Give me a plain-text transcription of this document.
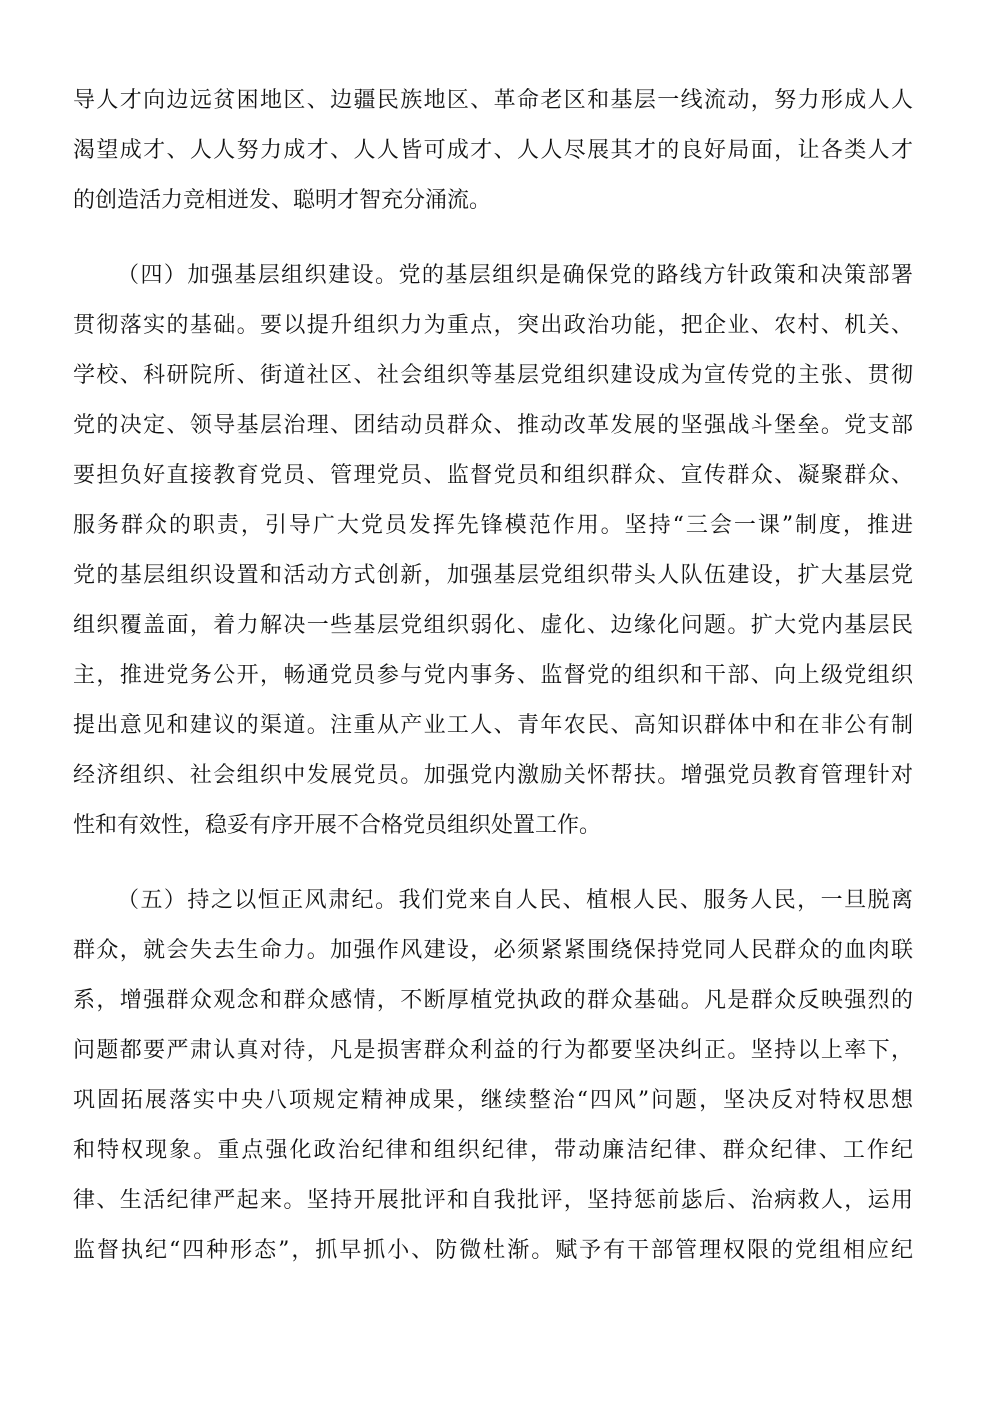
导人才向边远贫困地区、边疆民族地区、革命老区和基层一线流动，努力形成人人
渴望成才、人人努力成才、人人皆可成才、人人尽展其才的良好局面，让各类人才
的创造活力竞相迸发、聪明才智充分涌流。
（四）加强基层组织建设。党的基层组织是确保党的路线方针政策和决策部署
贯彻落实的基础。要以提升组织力为重点，突出政治功能，把企业、农村、机关、
学校、科研院所、街道社区、社会组织等基层党组织建设成为宣传党的主张、贯彻
党的决定、领导基层治理、团结动员群众、推动改革发展的坚强战斗堡垒。党支部
要担负好直接教育党员、管理党员、监督党员和组织群众、宣传群众、凝聚群众、
服务群众的职责，引导广大党员发挥先锋模范作用。坚持“三会一课”制度，推进
党的基层组织设置和活动方式创新，加强基层党组织带头人队伍建设，扩大基层党
组织覆盖面，着力解决一些基层党组织弱化、虚化、边缘化问题。扩大党内基层民
主，推进党务公开，畅通党员参与党内事务、监督党的组织和干部、向上级党组织
提出意见和建议的渠道。注重从产业工人、青年农民、高知识群体中和在非公有制
经济组织、社会组织中发展党员。加强党内激励关怀帮扶。增强党员教育管理针对
性和有效性，稳妥有序开展不合格党员组织处置工作。
（五）持之以恒正风肃纪。我们党来自人民、植根人民、服务人民，一旦脱离
群众，就会失去生命力。加强作风建设，必须紧紧围绕保持党同人民群众的血肉联
系，增强群众观念和群众感情，不断厚植党执政的群众基础。凡是群众反映强烈的
问题都要严肃认真对待，凡是损害群众利益的行为都要坚决纠正。坚持以上率下，
巩固拓展落实中央八项规定精神成果，继续整治“四风”问题，坚决反对特权思想
和特权现象。重点强化政治纪律和组织纪律，带动廉洁纪律、群众纪律、工作纪
律、生活纪律严起来。坚持开展批评和自我批评，坚持惩前毖后、治病救人，运用
监督执纪“四种形态”，抓早抓小、防微杜渐。赋予有干部管理权限的党组相应纪
